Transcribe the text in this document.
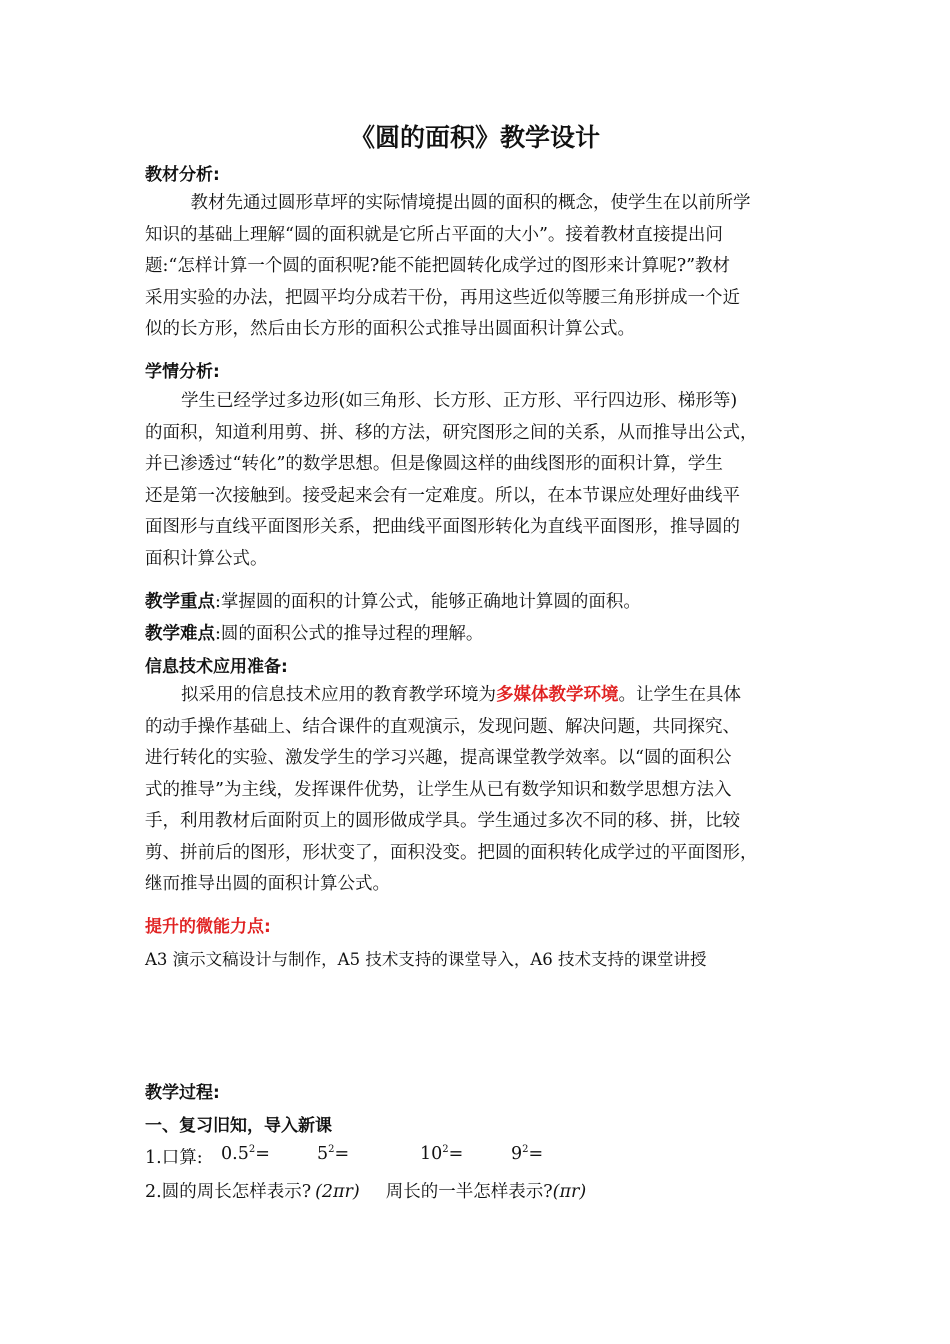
《圆的面积》教学设计
教材分析:
　教材先通过圆形草坪的实际情境提出圆的面积的概念，使学生在以前所学
知识的基础上理解“圆的面积就是它所占平面的大小”。接着教材直接提出问
题:“怎样计算一个圆的面积呢?能不能把圆转化成学过的图形来计算呢?”教材
采用实验的办法，把圆平均分成若干份，再用这些近似等腰三角形拼成一个近
似的长方形，然后由长方形的面积公式推导出圆面积计算公式。
学情分析:
学生已经学过多边形(如三角形、长方形、正方形、平行四边形、梯形等)
的面积，知道利用剪、拼、移的方法，研究图形之间的关系，从而推导出公式，
并已渗透过“转化”的数学思想。但是像圆这样的曲线图形的面积计算，学生
还是第一次接触到。接受起来会有一定难度。所以，在本节课应处理好曲线平
面图形与直线平面图形关系，把曲线平面图形转化为直线平面图形，推导圆的
面积计算公式。
教学重点:掌握圆的面积的计算公式，能够正确地计算圆的面积。
教学难点:圆的面积公式的推导过程的理解。
信息技术应用准备:
拟采用的信息技术应用的教育教学环境为多媒体教学环境。让学生在具体
的动手操作基础上、结合课件的直观演示，发现问题、解决问题，共同探究、
进行转化的实验、激发学生的学习兴趣，提高课堂教学效率。以“圆的面积公
式的推导”为主线，发挥课件优势，让学生从已有数学知识和数学思想方法入
手，利用教材后面附页上的圆形做成学具。学生通过多次不同的移、拼，比较
剪、拼前后的图形，形状变了，面积没变。把圆的面积转化成学过的平面图形，
继而推导出圆的面积计算公式。
提升的微能力点:
A3 演示文稿设计与制作，A5 技术支持的课堂导入，A6 技术支持的课堂讲授
教学过程:
一、复习旧知，导入新课
1.口算: $0.5^2=$	$5^2=$	$10^2=$	$9^2=$
2.圆的周长怎样表示? (2πr) 周长的一半怎样表示?(πr)
